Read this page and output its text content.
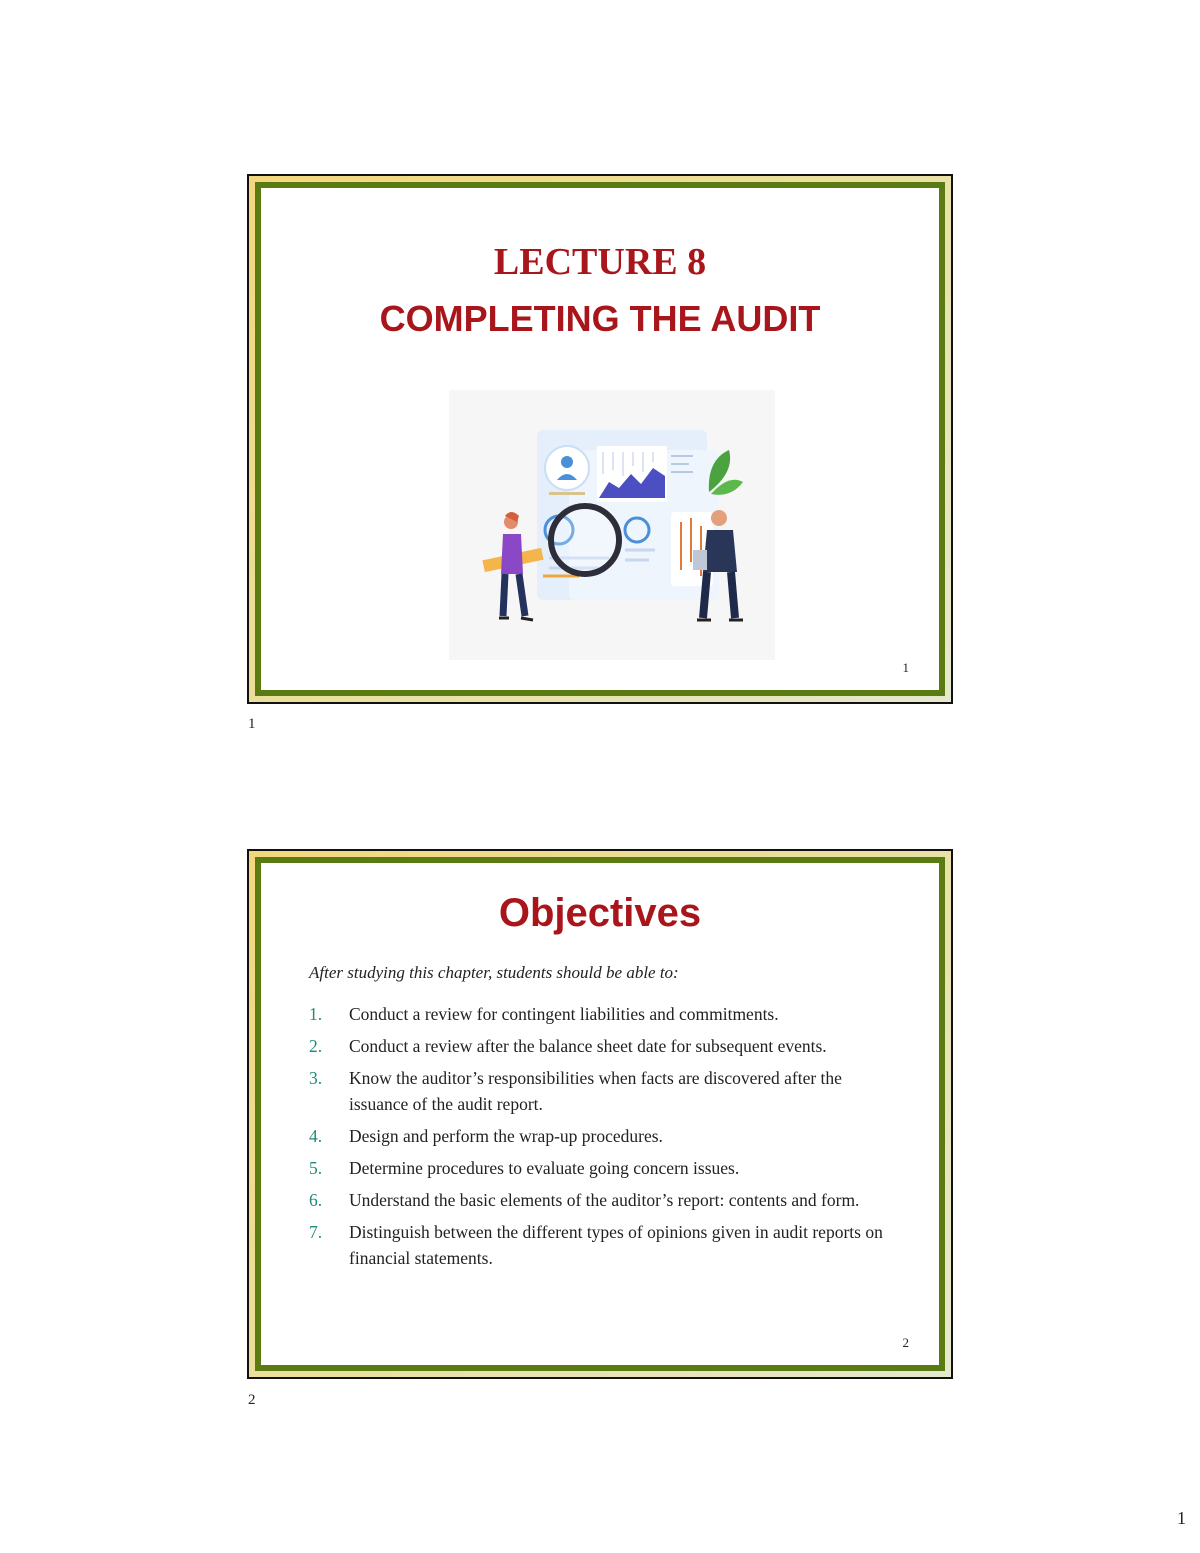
LECTURE 8
COMPLETING THE AUDIT
1
1
Objectives
After studying this chapter, students should be able to:
1. Conduct a review for contingent liabilities and commitments.
2. Conduct a review after the balance sheet date for subsequent events.
3. Know the auditor’s responsibilities when facts are discovered after the issuance of the audit report.
4. Design and perform the wrap-up procedures.
5. Determine procedures to evaluate going concern issues.
6. Understand the basic elements of the auditor’s report: contents and form.
7. Distinguish between the different types of opinions given in audit reports on financial statements.
2
2
1
